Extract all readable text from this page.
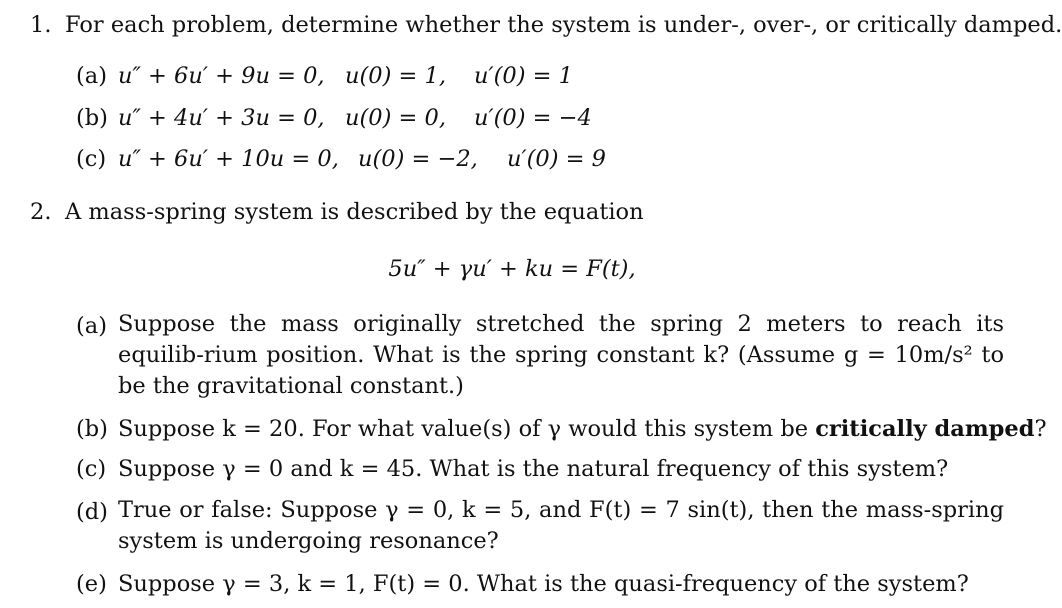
1. For each problem, determine whether the system is under-, over-, or critically damped.
(a) u″ + 6u′ + 9u = 0, u(0) = 1, u′(0) = 1
(b) u″ + 4u′ + 3u = 0, u(0) = 0, u′(0) = −4
(c) u″ + 6u′ + 10u = 0, u(0) = −2, u′(0) = 9
2. A mass-spring system is described by the equation
5u″ + γu′ + ku = F(t),
(a) Suppose the mass originally stretched the spring 2 meters to reach its equilib-rium position. What is the spring constant k? (Assume g = 10m/s² to be the gravitational constant.)
(b) Suppose k = 20. For what value(s) of γ would this system be critically damped?
(c) Suppose γ = 0 and k = 45. What is the natural frequency of this system?
(d) True or false: Suppose γ = 0, k = 5, and F(t) = 7 sin(t), then the mass-spring system is undergoing resonance?
(e) Suppose γ = 3, k = 1, F(t) = 0. What is the quasi-frequency of the system?
